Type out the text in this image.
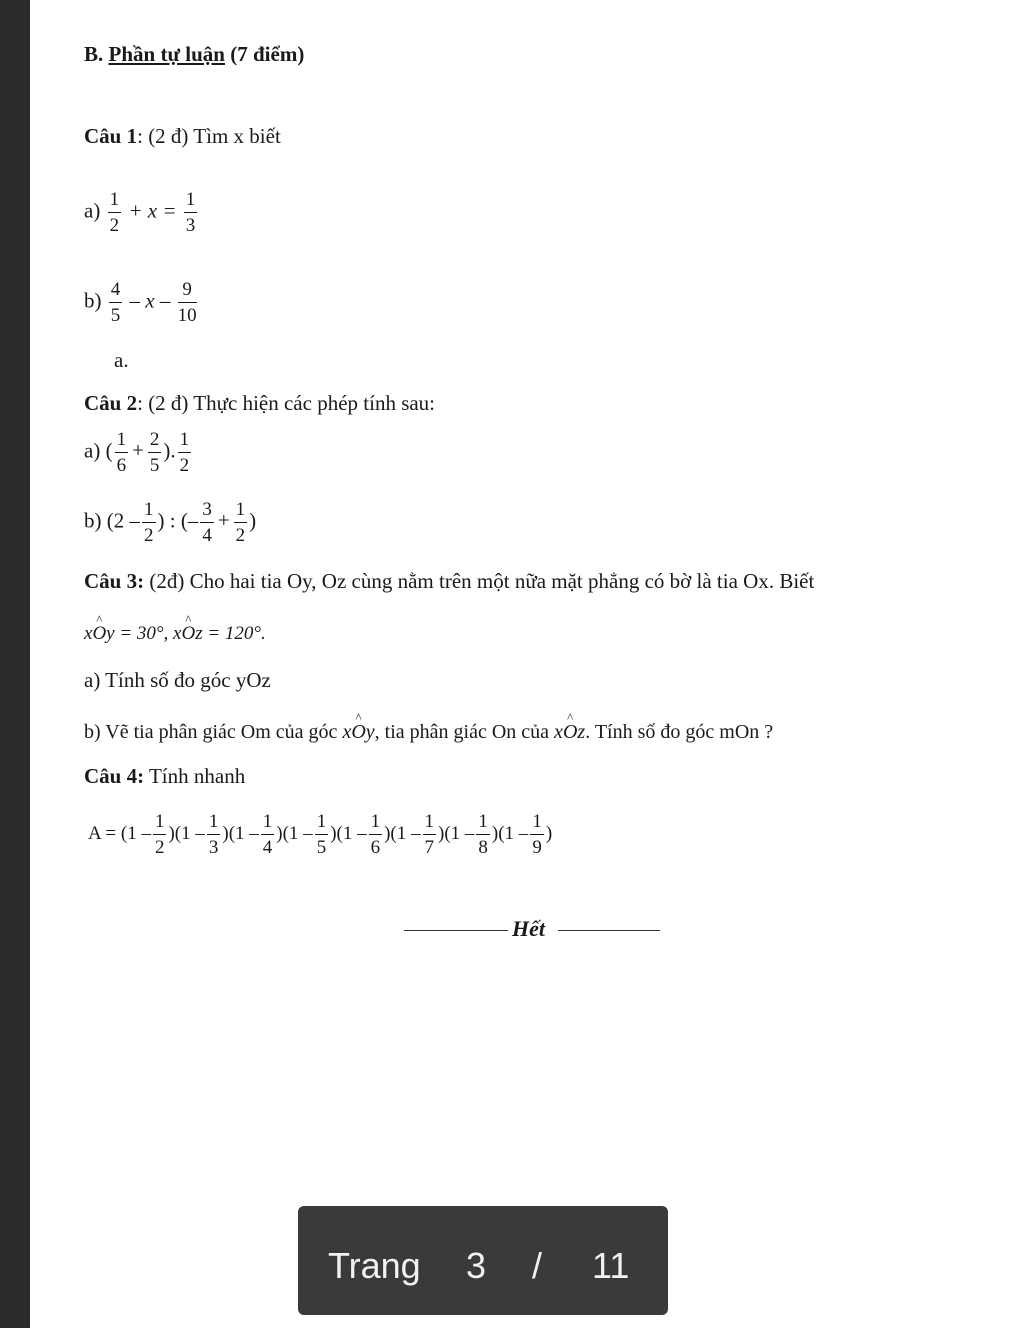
B. Phần tự luận (7 điểm)
Câu 1: (2 đ) Tìm x biết
$a) \frac{1}{2} + x = \frac{1}{3}$
$b) \frac{4}{5}$ – x – $\frac{9}{10}$
a.
Câu 2: (2 đ) Thực hiện các phép tính sau:
a) ( $\frac{1}{6} + \frac{2}{5}$ ). $\frac{1}{2}$
b) ($2 - \frac{1}{2}$ ) : (– $\frac{3}{4} + \frac{1}{2}$ )
Câu 3: (2đ) Cho hai tia Oy, Oz cùng nằm trên một nữa mặt phẳng có bờ là tia Ox. Biết
x^ Oy = 30°, x^ Oz = 120°.
a) Tính số đo góc yOz
b) Vẽ tia phân giác Om của góc x^ Oy, tia phân giác On của x^ Oz. Tính số đo góc mOn ?
Câu 4: Tính nhanh
$A = (1 - \frac{1}{2} )(1 - \frac{1}{3} )(1 - \frac{1}{4} )(1 - \frac{1}{5} )(1 - \frac{1}{6} )(1 - \frac{1}{7} )(1 - \frac{1}{8} )(1 - \frac{1}{9}$ )
Hết
Trang 3 / 11
